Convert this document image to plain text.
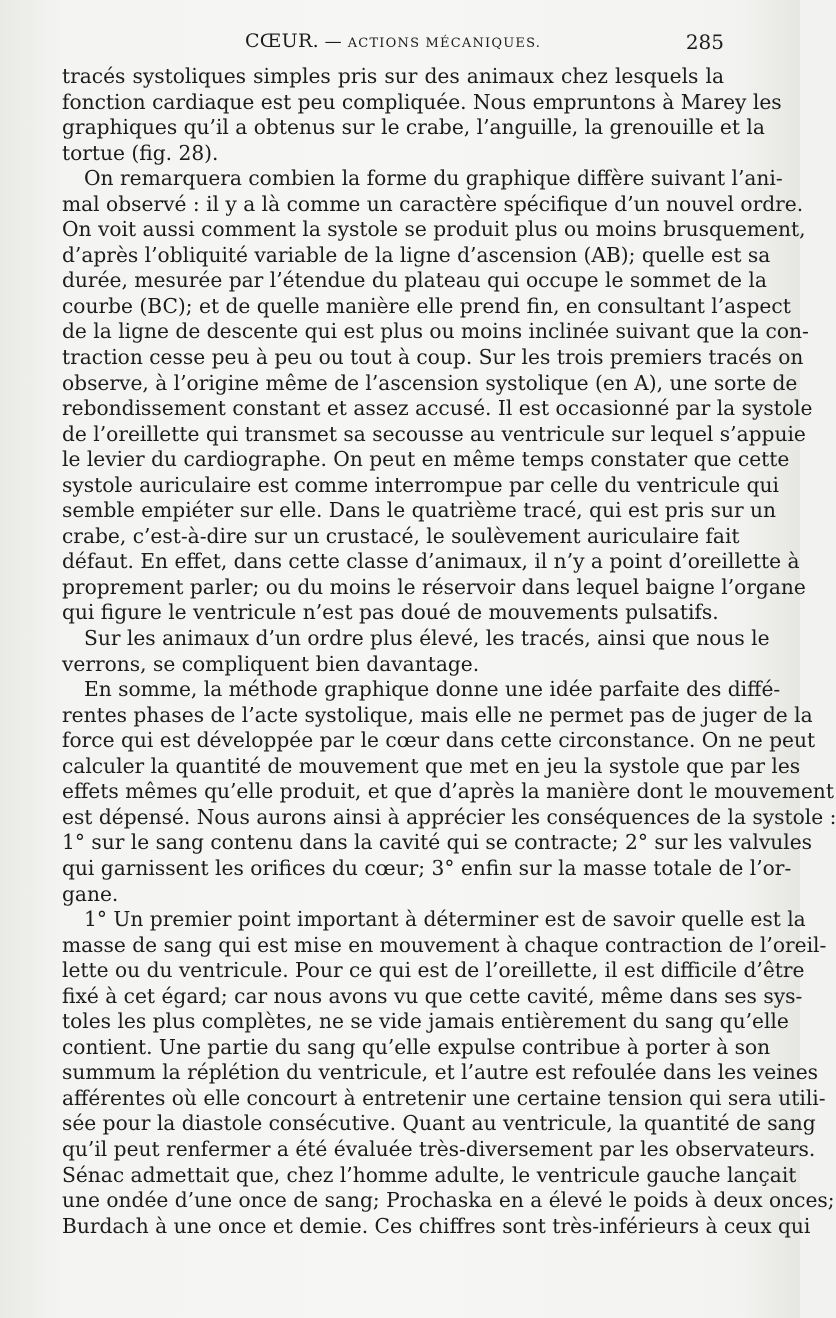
CŒUR. — ACTIONS MÉCANIQUES.	285
tracés systoliques simples pris sur des animaux chez lesquels la
fonction cardiaque est peu compliquée. Nous empruntons à Marey les
graphiques qu’il a obtenus sur le crabe, l’anguille, la grenouille et la
tortue (fig. 28).
On remarquera combien la forme du graphique diffère suivant l’ani-
mal observé : il y a là comme un caractère spécifique d’un nouvel ordre.
On voit aussi comment la systole se produit plus ou moins brusquement,
d’après l’obliquité variable de la ligne d’ascension (AB); quelle est sa
durée, mesurée par l’étendue du plateau qui occupe le sommet de la
courbe (BC); et de quelle manière elle prend fin, en consultant l’aspect
de la ligne de descente qui est plus ou moins inclinée suivant que la con-
traction cesse peu à peu ou tout à coup. Sur les trois premiers tracés on
observe, à l’origine même de l’ascension systolique (en A), une sorte de
rebondissement constant et assez accusé. Il est occasionné par la systole
de l’oreillette qui transmet sa secousse au ventricule sur lequel s’appuie
le levier du cardiographe. On peut en même temps constater que cette
systole auriculaire est comme interrompue par celle du ventricule qui
semble empiéter sur elle. Dans le quatrième tracé, qui est pris sur un
crabe, c’est-à-dire sur un crustacé, le soulèvement auriculaire fait
défaut. En effet, dans cette classe d’animaux, il n’y a point d’oreillette à
proprement parler; ou du moins le réservoir dans lequel baigne l’organe
qui figure le ventricule n’est pas doué de mouvements pulsatifs.
Sur les animaux d’un ordre plus élevé, les tracés, ainsi que nous le
verrons, se compliquent bien davantage.
En somme, la méthode graphique donne une idée parfaite des diffé-
rentes phases de l’acte systolique, mais elle ne permet pas de juger de la
force qui est développée par le cœur dans cette circonstance. On ne peut
calculer la quantité de mouvement que met en jeu la systole que par les
effets mêmes qu’elle produit, et que d’après la manière dont le mouvement
est dépensé. Nous aurons ainsi à apprécier les conséquences de la systole :
1° sur le sang contenu dans la cavité qui se contracte; 2° sur les valvules
qui garnissent les orifices du cœur; 3° enfin sur la masse totale de l’or-
gane.
1° Un premier point important à déterminer est de savoir quelle est la
masse de sang qui est mise en mouvement à chaque contraction de l’oreil-
lette ou du ventricule. Pour ce qui est de l’oreillette, il est difficile d’être
fixé à cet égard; car nous avons vu que cette cavité, même dans ses sys-
toles les plus complètes, ne se vide jamais entièrement du sang qu’elle
contient. Une partie du sang qu’elle expulse contribue à porter à son
summum la réplétion du ventricule, et l’autre est refoulée dans les veines
afférentes où elle concourt à entretenir une certaine tension qui sera utili-
sée pour la diastole consécutive. Quant au ventricule, la quantité de sang
qu’il peut renfermer a été évaluée très-diversement par les observateurs.
Sénac admettait que, chez l’homme adulte, le ventricule gauche lançait
une ondée d’une once de sang; Prochaska en a élevé le poids à deux onces;
Burdach à une once et demie. Ces chiffres sont très-inférieurs à ceux qui
